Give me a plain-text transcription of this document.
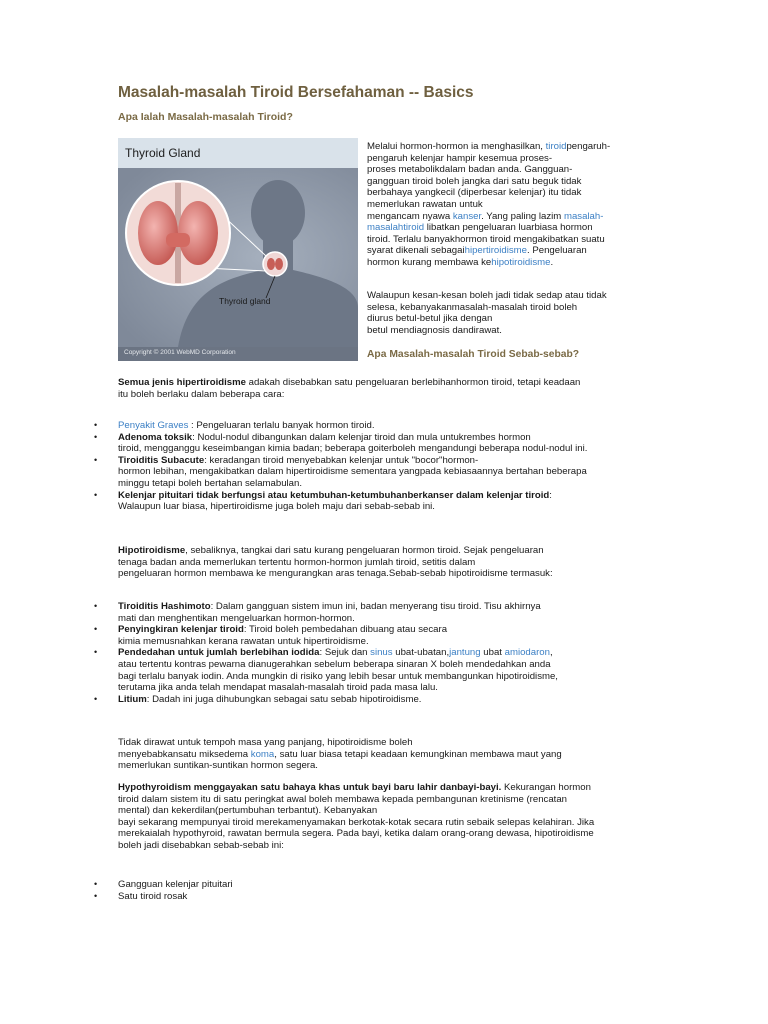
Masalah-masalah Tiroid Bersefahaman -- Basics
Apa Ialah Masalah-masalah Tiroid?
Thyroid Gland
Thyroid gland
Copyright © 2001 WebMD Corporation
Melalui hormon-hormon ia menghasilkan, tiroidpengaruh-
pengaruh kelenjar hampir kesemua proses-
proses metabolikdalam badan anda. Gangguan-
gangguan tiroid boleh jangka dari satu beguk tidak
berbahaya yangkecil (diperbesar kelenjar) itu tidak
memerlukan rawatan untuk
mengancam nyawa kanser. Yang paling lazim masalah-
masalahtiroid libatkan pengeluaran luarbiasa hormon
tiroid. Terlalu banyakhormon tiroid mengakibatkan suatu
syarat dikenali sebagaihipertiroidisme. Pengeluaran
hormon kurang membawa kehipotiroidisme.
Walaupun kesan-kesan boleh jadi tidak sedap atau tidak
selesa, kebanyakanmasalah-masalah tiroid boleh
diurus betul-betul jika dengan
betul mendiagnosis dandirawat.
Apa Masalah-masalah Tiroid Sebab-sebab?
Semua jenis hipertiroidisme adakah disebabkan satu pengeluaran berlebihanhormon tiroid, tetapi keadaan
itu boleh berlaku dalam beberapa cara:
Penyakit Graves : Pengeluaran terlalu banyak hormon tiroid.
Adenoma toksik: Nodul-nodul dibangunkan dalam kelenjar tiroid dan mula untukrembes hormon
tiroid, mengganggu keseimbangan kimia badan; beberapa goiterboleh mengandungi beberapa nodul-nodul ini.
Tiroiditis Subacute: keradangan tiroid menyebabkan kelenjar untuk "bocor"hormon-
hormon lebihan, mengakibatkan dalam hipertiroidisme sementara yangpada kebiasaannya bertahan beberapa
minggu tetapi boleh bertahan selamabulan.
Kelenjar pituitari tidak berfungsi atau ketumbuhan-ketumbuhanberkanser dalam kelenjar tiroid:
Walaupun luar biasa, hipertiroidisme juga boleh maju dari sebab-sebab ini.
•
•
•
•
Hipotiroidisme, sebaliknya, tangkai dari satu kurang pengeluaran hormon tiroid. Sejak pengeluaran
tenaga badan anda memerlukan tertentu hormon-hormon jumlah tiroid, setitis dalam
pengeluaran hormon membawa ke mengurangkan aras tenaga.Sebab-sebab hipotiroidisme termasuk:
Tiroiditis Hashimoto: Dalam gangguan sistem imun ini, badan menyerang tisu tiroid. Tisu akhirnya
mati dan menghentikan mengeluarkan hormon-hormon.
Penyingkiran kelenjar tiroid: Tiroid boleh pembedahan dibuang atau secara
kimia memusnahkan kerana rawatan untuk hipertiroidisme.
Pendedahan untuk jumlah berlebihan iodida: Sejuk dan sinus ubat-ubatan,jantung ubat amiodaron,
atau tertentu kontras pewarna dianugerahkan sebelum beberapa sinaran X boleh mendedahkan anda
bagi terlalu banyak iodin. Anda mungkin di risiko yang lebih besar untuk membangunkan hipotiroidisme,
terutama jika anda telah mendapat masalah-masalah tiroid pada masa lalu.
Litium: Dadah ini juga dihubungkan sebagai satu sebab hipotiroidisme.
•
•
•
•
Tidak dirawat untuk tempoh masa yang panjang, hipotiroidisme boleh
menyebabkansatu miksedema koma, satu luar biasa tetapi keadaan kemungkinan membawa maut yang
memerlukan suntikan-suntikan hormon segera.
Hypothyroidism menggayakan satu bahaya khas untuk bayi baru lahir danbayi-bayi. Kekurangan hormon
tiroid dalam sistem itu di satu peringkat awal boleh membawa kepada pembangunan kretinisme (rencatan
mental) dan kekerdilan(pertumbuhan terbantut). Kebanyakan
bayi sekarang mempunyai tiroid merekamenyamakan berkotak-kotak secara rutin sebaik selepas kelahiran. Jika
merekaialah hypothyroid, rawatan bermula segera. Pada bayi, ketika dalam orang-orang dewasa, hipotiroidisme
boleh jadi disebabkan sebab-sebab ini:
Gangguan kelenjar pituitari
Satu tiroid rosak
•
•
